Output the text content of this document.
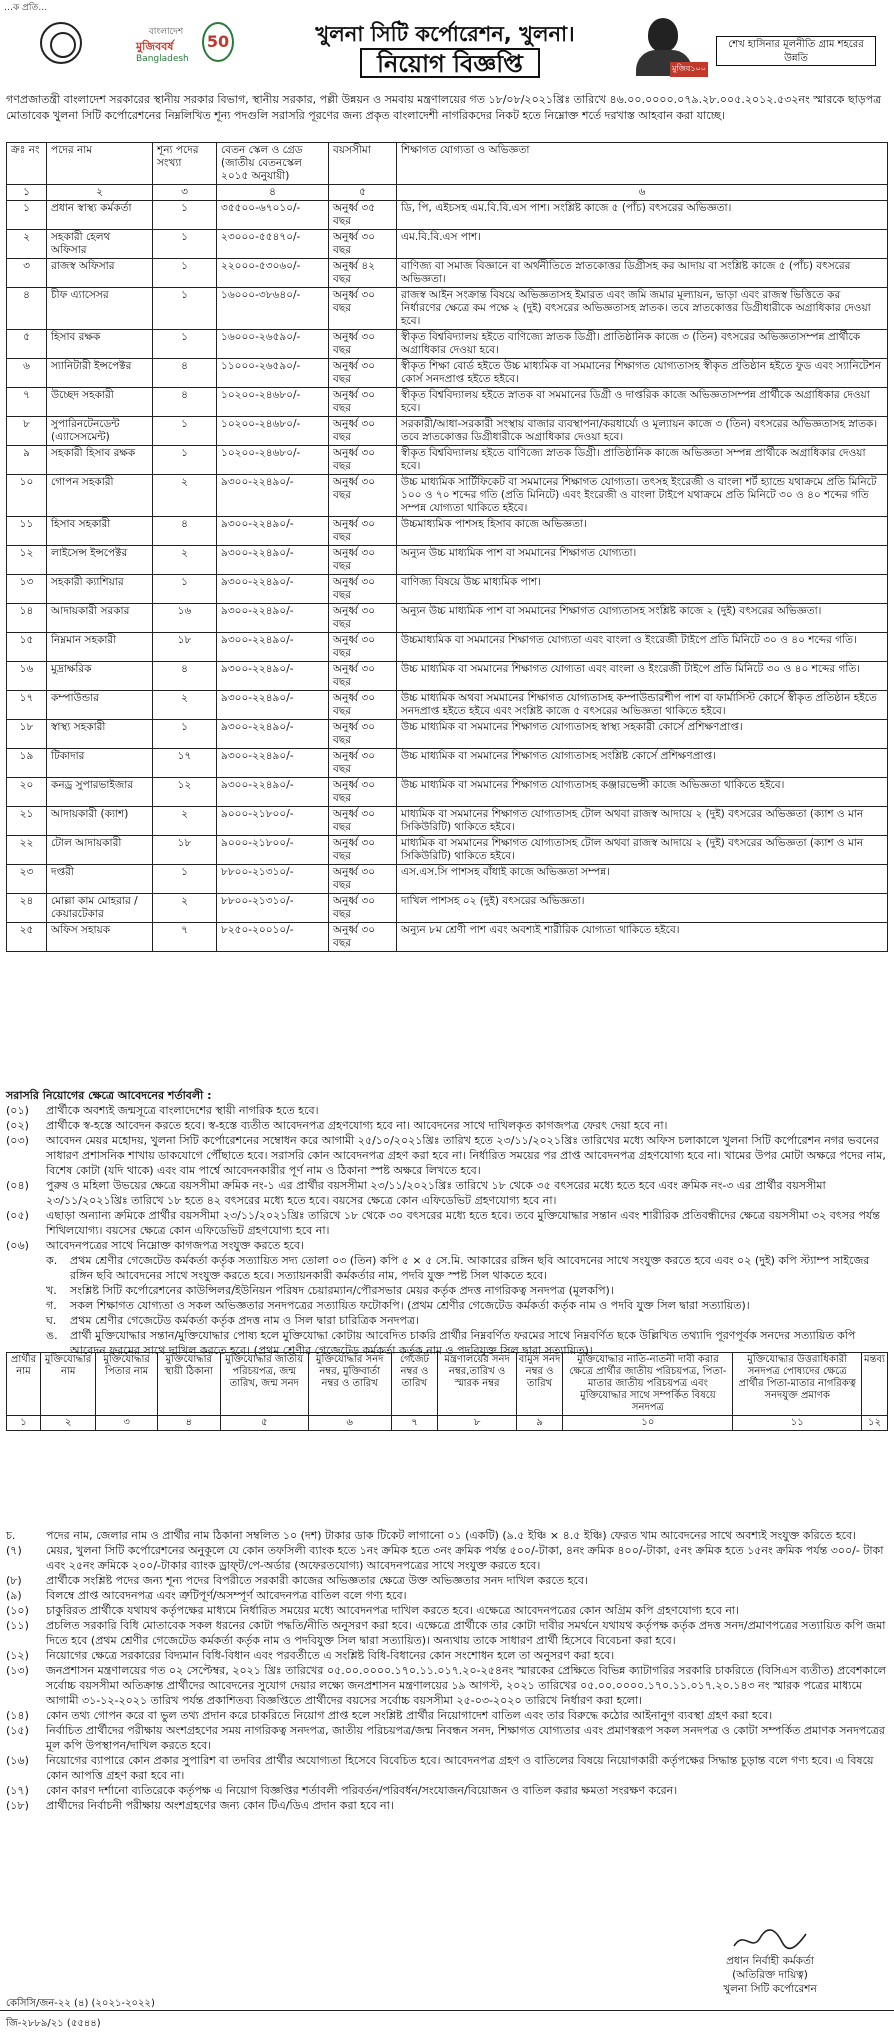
…ক প্রতি…
বাংলাদেশ
মুজিববর্ষ
Bangladesh
50	খুলনা সিটি কর্পোরেশন, খুলনা।
নিয়োগ বিজ্ঞপ্তি	মুজিব১০০
শেখ হাসিনার মূলনীতি গ্রাম শহরের উন্নতি
গণপ্রজাতন্ত্রী বাংলাদেশ সরকারের স্থানীয় সরকার বিভাগ, স্থানীয় সরকার, পল্লী উন্নয়ন ও সমবায় মন্ত্রণালয়ের গত ১৮/০৮/২০২১খ্রিঃ তারিখে ৪৬.০০.০০০০.০৭৯.২৮.০০৫.২০১২.৫৩২নং স্মারকে ছাড়পত্র মোতাবেক খুলনা সিটি কর্পোরেশনের নিম্নলিখিত শূন্য পদগুলি সরাসরি পূরণের জন্য প্রকৃত বাংলাদেশী নাগরিকদের নিকট হতে নিম্নোক্ত শর্তে দরখাস্ত আহবান করা যাচ্ছে।
ক্রঃ নং	পদের নাম	শূন্য পদের সংখ্যা	বেতন স্কেল ও গ্রেড (জাতীয় বেতনস্কেল ২০১৫ অনুযায়ী)	বয়সসীমা	শিক্ষাগত যোগ্যতা ও অভিজ্ঞতা
১	২	৩	৪	৫	৬
১	প্রধান স্বাস্থ্য কর্মকর্তা	১	৩৫৫০০-৬৭০১০/-	অনুর্ধ্ব ৩৫ বছর	ডি, পি, এইচসহ এম.বি.বি.এস পাশ। সংশ্লিষ্ট কাজে ৫ (পাঁচ) বৎসরের অভিজ্ঞতা।
২	সহকারী হেলথ অফিসার	১	২৩০০০-৫৫৪৭০/-	অনুর্ধ্ব ৩০ বছর	এম.বি.বি.এস পাশ।
৩	রাজস্ব অফিসার	১	২২০০০-৫৩০৬০/-	অনুর্ধ্ব ৪২ বছর	বাণিজ্য বা সমাজ বিজ্ঞানে বা অর্থনীতিতে স্নাতকোত্তর ডিগ্রীসহ কর আদায় বা সংশ্লিষ্ট কাজে ৫ (পাঁচ) বৎসরের অভিজ্ঞতা।
৪	চীফ এ্যাসেসর	১	১৬০০০-৩৮৬৪০/-	অনুর্ধ্ব ৩০ বছর	রাজস্ব আইন সংক্রান্ত বিষয়ে অভিজ্ঞতাসহ ইমারত এবং জমি জমার মূল্যায়ন, ভাড়া এবং রাজস্ব ভিত্তিতে কর নির্ধারণের ক্ষেত্রে কম পক্ষে ২ (দুই) বৎসরের অভিজ্ঞতাসহ স্নাতক। তবে স্নাতকোত্তর ডিগ্রীধারীকে অগ্রাধিকার দেওয়া হবে।
৫	হিসাব রক্ষক	১	১৬০০০-২৬৫৯০/-	অনুর্ধ্ব ৩০ বছর	স্বীকৃত বিশ্ববিদ্যালয় হইতে বাণিজ্যে স্নাতক ডিগ্রী। প্রাতিষ্ঠানিক কাজে ৩ (তিন) বৎসরের অভিজ্ঞতাসম্পন্ন প্রার্থীকে অগ্রাধিকার দেওয়া হবে।
৬	স্যানিটারী ইন্সপেক্টর	৪	১১০০০-২৬৫৯০/-	অনুর্ধ্ব ৩০ বছর	স্বীকৃত শিক্ষা বোর্ড হইতে উচ্চ মাধ্যমিক বা সমমানের শিক্ষাগত যোগ্যতাসহ স্বীকৃত প্রতিষ্ঠান হইতে ফুড এবং স্যানিটেশন কোর্স সনদপ্রাপ্ত হইতে হইবে।
৭	উচ্ছেদ সহকারী	৪	১০২০০-২৪৬৮০/-	অনুর্ধ্ব ৩০ বছর	স্বীকৃত বিশ্ববিদ্যালয় হইতে স্নাতক বা সমমানের ডিগ্রী ও দাপ্তরিক কাজে অভিজ্ঞতাসম্পন্ন প্রার্থীকে অগ্রাধিকার দেওয়া হবে।
৮	সুপারিনটেনডেন্ট (এ্যাসেসমেন্ট)	১	১০২০০-২৪৬৮০/-	অনুর্ধ্ব ৩০ বছর	সরকারী/আধা-সরকারী সংস্থায় বাজার ব্যবস্থাপনা/করধার্য্যে ও মূল্যায়ন কাজে ৩ (তিন) বৎসরের অভিজ্ঞতাসহ স্নাতক। তবে স্নাতকোত্তর ডিগ্রীধারীকে অগ্রাধিকার দেওয়া হবে।
৯	সহকারী হিসাব রক্ষক	১	১০২০০-২৪৬৮০/-	অনুর্ধ্ব ৩০ বছর	স্বীকৃত বিশ্ববিদ্যালয় হইতে বাণিজ্যে স্নাতক ডিগ্রী। প্রাতিষ্ঠানিক কাজে অভিজ্ঞতা সম্পন্ন প্রার্থীকে অগ্রাধিকার দেওয়া হবে।
১০	গোপন সহকারী	২	৯৩০০-২২৪৯০/-	অনুর্ধ্ব ৩০ বছর	উচ্চ মাধ্যমিক সার্টিফিকেট বা সমমানের শিক্ষাগত যোগ্যতা। তৎসহ ইংরেজী ও বাংলা শর্ট হ্যান্ডে যথাক্রমে প্রতি মিনিটে ১০০ ও ৭০ শব্দের গতি (প্রতি মিনিটে) এবং ইংরেজী ও বাংলা টাইপে যথাক্রমে প্রতি মিনিটে ৩০ ও ৪০ শব্দের গতি সম্পন্ন যোগ্যতা থাকিতে হইবে।
১১	হিসাব সহকারী	৪	৯৩০০-২২৪৯০/-	অনুর্ধ্ব ৩০ বছর	উচ্চমাধ্যমিক পাশসহ হিসাব কাজে অভিজ্ঞতা।
১২	লাইসেন্স ইন্সপেক্টর	২	৯৩০০-২২৪৯০/-	অনুর্ধ্ব ৩০ বছর	অন্যুন উচ্চ মাধ্যমিক পাশ বা সমমানের শিক্ষাগত যোগ্যতা।
১৩	সহকারী ক্যাশিয়ার	১	৯৩০০-২২৪৯০/-	অনুর্ধ্ব ৩০ বছর	বাণিজ্য বিষয়ে উচ্চ মাধ্যমিক পাশ।
১৪	আদায়কারী সরকার	১৬	৯৩০০-২২৪৯০/-	অনুর্ধ্ব ৩০ বছর	অন্যুন উচ্চ মাধ্যমিক পাশ বা সমমানের শিক্ষাগত যোগ্যতাসহ সংশ্লিষ্ট কাজে ২ (দুই) বৎসরের অভিজ্ঞতা।
১৫	নিম্নমান সহকারী	১৮	৯৩০০-২২৪৯০/-	অনুর্ধ্ব ৩০ বছর	উচ্চমাধ্যমিক বা সমমানের শিক্ষাগত যোগ্যতা এবং বাংলা ও ইংরেজী টাইপে প্রতি মিনিটে ৩০ ও ৪০ শব্দের গতি।
১৬	মুদ্রাক্ষরিক	৪	৯৩০০-২২৪৯০/-	অনুর্ধ্ব ৩০ বছর	উচ্চ মাধ্যমিক বা সমমানের শিক্ষাগত যোগ্যতা এবং বাংলা ও ইংরেজী টাইপে প্রতি মিনিটে ৩০ ও ৪০ শব্দের গতি।
১৭	কম্পাউন্ডার	২	৯৩০০-২২৪৯০/-	অনুর্ধ্ব ৩০ বছর	উচ্চ মাধ্যমিক অথবা সমমানের শিক্ষাগত যোগ্যতাসহ কম্পাউন্ডারশীপ পাশ বা ফার্মাসিস্ট কোর্সে স্বীকৃত প্রতিষ্ঠান হইতে সনদপ্রাপ্ত হইতে হইবে এবং সংশ্লিষ্ট কাজে ৫ বৎসরের অভিজ্ঞতা থাকিতে হইবে।
১৮	স্বাস্থ্য সহকারী	১	৯৩০০-২২৪৯০/-	অনুর্ধ্ব ৩০ বছর	উচ্চ মাধ্যমিক বা সমমানের শিক্ষাগত যোগ্যতাসহ স্বাস্থ্য সহকারী কোর্সে প্রশিক্ষণপ্রাপ্ত।
১৯	টিকাদার	১৭	৯৩০০-২২৪৯০/-	অনুর্ধ্ব ৩০ বছর	উচ্চ মাধ্যমিক বা সমমানের শিক্ষাগত যোগ্যতাসহ সংশ্লিষ্ট কোর্সে প্রশিক্ষণপ্রাপ্ত।
২০	কনড্ৰ সুপারভাইজার	১২	৯৩০০-২২৪৯০/-	অনুর্ধ্ব ৩০ বছর	উচ্চ মাধ্যমিক বা সমমানের শিক্ষাগত যোগ্যতাসহ কঞ্জারভেন্সী কাজে অভিজ্ঞতা থাকিতে হইবে।
২১	আদায়কারী (ক্যাশ)	২	৯০০০-২১৮০০/-	অনুর্ধ্ব ৩০ বছর	মাধ্যমিক বা সমমানের শিক্ষাগত যোগ্যতাসহ টোল অথবা রাজস্ব আদায়ে ২ (দুই) বৎসরের অভিজ্ঞতা (ক্যাশ ও মান সিকিউরিটি) থাকিতে হইবে।
২২	টোল আদায়কারী	১৮	৯০০০-২১৮০০/-	অনুর্ধ্ব ৩০ বছর	মাধ্যমিক বা সমমানের শিক্ষাগত যোগ্যতাসহ টোল অথবা রাজস্ব আদায়ে ২ (দুই) বৎসরের অভিজ্ঞতা (ক্যাশ ও মান সিকিউরিটি) থাকিতে হইবে।
২৩	দপ্তরী	১	৮৮০০-২১৩১০/-	অনুর্ধ্ব ৩০ বছর	এস.এস.সি পাশসহ বাঁধাই কাজে অভিজ্ঞতা সম্পন্ন।
২৪	মোল্লা কাম মোহরার /কেয়ারটেকার	২	৮৮০০-২১৩১০/-	অনুর্ধ্ব ৩০ বছর	দাখিল পাশসহ ০২ (দুই) বৎসরের অভিজ্ঞতা।
২৫	অফিস সহায়ক	৭	৮২৫০-২০০১০/-	অনুর্ধ্ব ৩০ বছর	অন্যুন ৮ম শ্রেণী পাশ এবং অবশ্যই শারীরিক যোগ্যতা থাকিতে হইবে।
সরাসরি নিয়োগের ক্ষেত্রে আবেদনের শর্তাবলী :
(০১)	প্রার্থীকে অবশ্যই জন্মসূত্রে বাংলাদেশের স্থায়ী নাগরিক হতে হবে।
(০২)	প্রার্থীকে স্ব-হস্তে আবেদন করতে হবে। স্ব-হস্তে ব্যতীত আবেদনপত্র গ্রহণযোগ্য হবে না। আবেদনের সাথে দাখিলকৃত কাগজপত্র ফেরৎ দেয়া হবে না।
(০৩)	আবেদন মেয়র মহোদয়, খুলনা সিটি কর্পোরেশনের সম্বোধন করে আগামী ২৫/১০/২০২১খ্রিঃ তারিখ হতে ২৩/১১/২০২১খ্রিঃ তারিখের মধ্যে অফিস চলাকালে খুলনা সিটি কর্পোরেশন নগর ভবনের সাধারণ প্রশাসনিক শাখায় ডাকযোগে পৌঁছাতে হবে। সরাসরি কোন আবেদনপত্র গ্রহণ করা হবে না। নির্ধারিত সময়ের পর প্রাপ্ত আবেদনপত্র গ্রহণযোগ্য হবে না। খামের উপর মোটা অক্ষরে পদের নাম, বিশেষ কোটা (যদি থাকে) এবং বাম পার্শ্বে আবেদনকারীর পূর্ণ নাম ও ঠিকানা স্পষ্ট অক্ষরে লিখতে হবে।
(০৪)	পুরুষ ও মহিলা উভয়ের ক্ষেত্রে বয়সসীমা ক্রমিক নং-১ এর প্রার্থীর বয়সসীমা ২৩/১১/২০২১খ্রিঃ তারিখে ১৮ থেকে ৩৫ বৎসরের মধ্যে হতে হবে এবং ক্রমিক নং-৩ এর প্রার্থীর বয়সসীমা ২৩/১১/২০২১খ্রিঃ তারিখে ১৮ হতে ৪২ বৎসরের মধ্যে হতে হবে। বয়সের ক্ষেত্রে কোন এফিডেভিট গ্রহণযোগ্য হবে না।
(০৫)	এছাড়া অন্যান্য ক্রমিকে প্রার্থীর বয়সসীমা ২৩/১১/২০২১খ্রিঃ তারিখে ১৮ থেকে ৩০ বৎসরের মধ্যে হতে হবে। তবে মুক্তিযোদ্ধার সন্তান এবং শারীরিক প্রতিবন্ধীদের ক্ষেত্রে বয়সসীমা ৩২ বৎসর পর্যন্ত শিথিলযোগ্য। বয়সের ক্ষেত্রে কোন এফিডেভিট গ্রহণযোগ্য হবে না।
(০৬)	আবেদনপত্রের সাথে নিম্নোক্ত কাগজপত্র সংযুক্ত করতে হবে।
ক.	প্রথম শ্রেণীর গেজেটেড কর্মকর্তা কর্তৃক সত্যায়িত সদ্য তোলা ০৩ (তিন) কপি ৫ × ৫ সে.মি. আকারের রঙ্গিন ছবি আবেদনের সাথে সংযুক্ত করতে হবে এবং ০২ (দুই) কপি স্ট্যাম্প সাইজের রঙ্গিন ছবি আবেদনের সাথে সংযুক্ত করতে হবে। সত্যায়নকারী কর্মকর্তার নাম, পদবি যুক্ত স্পষ্ট সিল থাকতে হবে।
খ.	সংশ্লিষ্ট সিটি কর্পোরেশনের কাউন্সিলর/ইউনিয়ন পরিষদ চেয়ারম্যান/পৌরসভার মেয়র কর্তৃক প্রদত্ত নাগরিকত্ব সনদপত্র (মূলকপি)।
গ.	সকল শিক্ষাগত যোগ্যতা ও সকল অভিজ্ঞতার সনদপত্রের সত্যায়িত ফটোকপি। (প্রথম শ্রেণীর গেজেটেড কর্মকর্তা কর্তৃক নাম ও পদবি যুক্ত সিল দ্বারা সত্যায়িত)।
ঘ.	প্রথম শ্রেণীর গেজেটেড কর্মকর্তা কর্তৃক প্রদত্ত নাম ও সিল দ্বারা চারিত্রিক সনদপত্র।
ঙ.	প্রার্থী মুক্তিযোদ্ধার সন্তান/মুক্তিযোদ্ধার পোষ্য হলে মুক্তিযোদ্ধা কোটায় আবেদিত চাকরি প্রার্থীর নিম্নবর্ণিত ফরমের সাথে নিম্নবর্ণিত ছকে উল্লিখিত তথ্যাদি পূরণপূর্বক সনদের সত্যায়িত কপি আবেদন ফরমের সাথে দাখিল করতে হবে। (প্রথম শ্রেণীর গেজেটেড কর্মকর্তা কর্তৃক নাম ও পদবিযুক্ত সিল দ্বারা সত্যায়িত)।
প্রার্থীর নাম	মুক্তিযোদ্ধার নাম	মুক্তিযোদ্ধার পিতার নাম	মুক্তিযোদ্ধার স্থায়ী ঠিকানা	মুক্তিযোদ্ধার জাতীয় পরিচয়পত্র, জন্ম তারিখ, জন্ম সনদ	মুক্তিযোদ্ধার সনদ নম্বর, মুক্তিবার্তা নম্বর ও তারিখ	গেজেট নম্বর ও তারিখ	মন্ত্রণালয়ের সনদ নম্বর,তারিখ ও স্মারক নম্বর	বামুস সনদ নম্বর ও তারিখ	মুক্তিযোদ্ধার নাতি-নাতনী দাবী করার ক্ষেত্রে প্রার্থীর জাতীয় পরিচয়পত্র, পিতা-মাতার জাতীয় পরিচয়পত্র এবং মুক্তিযোদ্ধার সাথে সম্পর্কিত বিষয়ে সনদপত্র	মুক্তিযোদ্ধার উত্তরাধিকারী সনদপত্র পোষ্যদের ক্ষেত্রে প্রার্থীর পিতা-মাতার নাগরিকত্ব সনদযুক্ত প্রমাণক	মন্তব্য
১	২	৩	৪	৫	৬	৭	৮	৯	১০	১১	১২
চ.	পদের নাম, জেলার নাম ও প্রার্থীর নাম ঠিকানা সম্বলিত ১০ (দশ) টাকার ডাক টিকেট লাগানো ০১ (একটি) (৯.৫ ইঞ্চি × ৪.৫ ইঞ্চি) ফেরত খাম আবেদনের সাথে অবশ্যই সংযুক্ত করিতে হবে।
(৭)	মেয়র, খুলনা সিটি কর্পোরেশনের অনুকূলে যে কোন তফসিলী ব্যাংক হতে ১নং ক্রমিক হতে ৩নং ক্রমিক পর্যন্ত ৫০০/-টাকা, ৪নং ক্রমিক ৪০০/-টাকা, ৫নং ক্রমিক হতে ১৫নং ক্রমিক পর্যন্ত ৩০০/- টাকা এবং ২৫নং ক্রমিকে ২০০/-টাকার ব্যাংক ড্রাফ্‌ট/পে-অর্ডার (অফেরতযোগ্য) আবেদনপত্রের সাথে সংযুক্ত করতে হবে।
(৮)	প্রার্থীকে সংশ্লিষ্ট পদের জন্য শূন্য পদের বিপরীতে সরকারী কাজের অভিজ্ঞতার ক্ষেত্রে উক্ত অভিজ্ঞতার সনদ দাখিল করতে হবে।
(৯)	বিলম্বে প্রাপ্ত আবেদনপত্র এবং ত্রুটিপূর্ণ/অসম্পূর্ণ আবেদনপত্র বাতিল বলে গণ্য হবে।
(১০)	চাকুরিরত প্রার্থীকে যথাযথ কর্তৃপক্ষের মাধ্যমে নির্ধারিত সময়ের মধ্যে আবেদনপত্র দাখিল করতে হবে। এক্ষেত্রে আবেদনপত্রের কোন অগ্রিম কপি গ্রহণযোগ্য হবে না।
(১১)	প্রচলিত সরকারি বিধি মোতাবেক সকল ধরনের কোটা পদ্ধতি/নীতি অনুসরণ করা হবে। এক্ষেত্রে প্রার্থীকে তার কোটা দাবীর সমর্থনে যথাযথ কর্তৃপক্ষ কর্তৃক প্রদত্ত সনদ/প্রমাণপত্রের সত্যায়িত কপি জমা দিতে হবে (প্রথম শ্রেণীর গেজেটেড কর্মকর্তা কর্তৃক নাম ও পদবিযুক্ত সিল দ্বারা সত্যায়িত)। অন্যথায় তাকে সাধারণ প্রার্থী হিসেবে বিবেচনা করা হবে।
(১২)	নিয়োগের ক্ষেত্রে সরকারের বিদ্যমান বিধি-বিধান এবং পরবর্তীতে এ সংশ্লিষ্ট বিধি-বিধানের কোন সংশোধন হলে তা অনুসরণ করা হবে।
(১৩)	জনপ্রশাসন মন্ত্রণালয়ের গত ০২ সেপ্টেম্বর, ২০২১ খ্রিঃ তারিখের ০৫.০০.০০০০.১৭০.১১.০১৭.২০-২৫৪নং স্মারকের প্রেক্ষিতে বিভিন্ন ক্যাটাগরির সরকারি চাকরিতে (বিসিএস ব্যতীত) প্রবেশকালে সর্বোচ্চ বয়সসীমা অতিক্রান্ত প্রার্থীদের আবেদনের সুযোগ দেয়ার লক্ষ্যে জনপ্রশাসন মন্ত্রণালয়ের ১৯ আগস্ট, ২০২১ তারিখের ০৫.০০.০০০০.১৭০.১১.০১৭.২০.১৪৩ নং স্মারক পত্রের মাধ্যমে আগামী ৩১-১২-২০২১ তারিখ পর্যন্ত প্রকাশিতব্য বিজ্ঞপ্তিতে প্রার্থীদের বয়সের সর্বোচ্চ বয়সসীমা ২৫-০৩-২০২০ তারিখে নির্ধারণ করা হলো।
(১৪)	কোন তথ্য গোপন করে বা ভুল তথ্য প্রদান করে চাকরিতে নিয়োগ প্রাপ্ত হলে সংশ্লিষ্ট প্রার্থীর নিয়োগাদেশ বাতিল এবং তার বিরুদ্ধে কঠোর আইনানুগ ব্যবস্থা গ্রহণ করা হবে।
(১৫)	নির্বাচিত প্রার্থীদের পরীক্ষায় অংশগ্রহণের সময় নাগরিকত্ব সনদপত্র, জাতীয় পরিচয়পত্র/জন্ম নিবন্ধন সনদ, শিক্ষাগত যোগ্যতার এবং প্রমাণস্বরূপ সকল সনদপত্র ও কোটা সম্পর্কিত প্রমাণক সনদপত্রের মূল কপি উপস্থাপন/দাখিল করতে হবে।
(১৬)	নিয়োগের ব্যাপারে কোন প্রকার সুপারিশ বা তদবির প্রার্থীর অযোগ্যতা হিসেবে বিবেচিত হবে। আবেদনপত্র গ্রহণ ও বাতিলের বিষয়ে নিয়োগকারী কর্তৃপক্ষের সিদ্ধান্ত চূড়ান্ত বলে গণ্য হবে। এ বিষয়ে কোন আপত্তি গ্রহণ করা হবে না।
(১৭)	কোন কারণ দর্শানো ব্যতিরেকে কর্তৃপক্ষ এ নিয়োগ বিজ্ঞপ্তির শর্তাবলী পরিবর্তন/পরিবর্ধন/সংযোজন/বিয়োজন ও বাতিল করার ক্ষমতা সংরক্ষণ করেন।
(১৮)	প্রার্থীদের নির্বাচনী পরীক্ষায় অংশগ্রহণের জন্য কোন টিএ/ডিএ প্রদান করা হবে না।
প্রধান নির্বাহী কর্মকর্তা
(অতিরিক্ত দায়িত্ব)
খুলনা সিটি কর্পোরেশন
কেসিসি/জন-২২ (৪) (২০২১-২০২২)
জি-২৮৮৯/২১ (৫৫৪৪)
